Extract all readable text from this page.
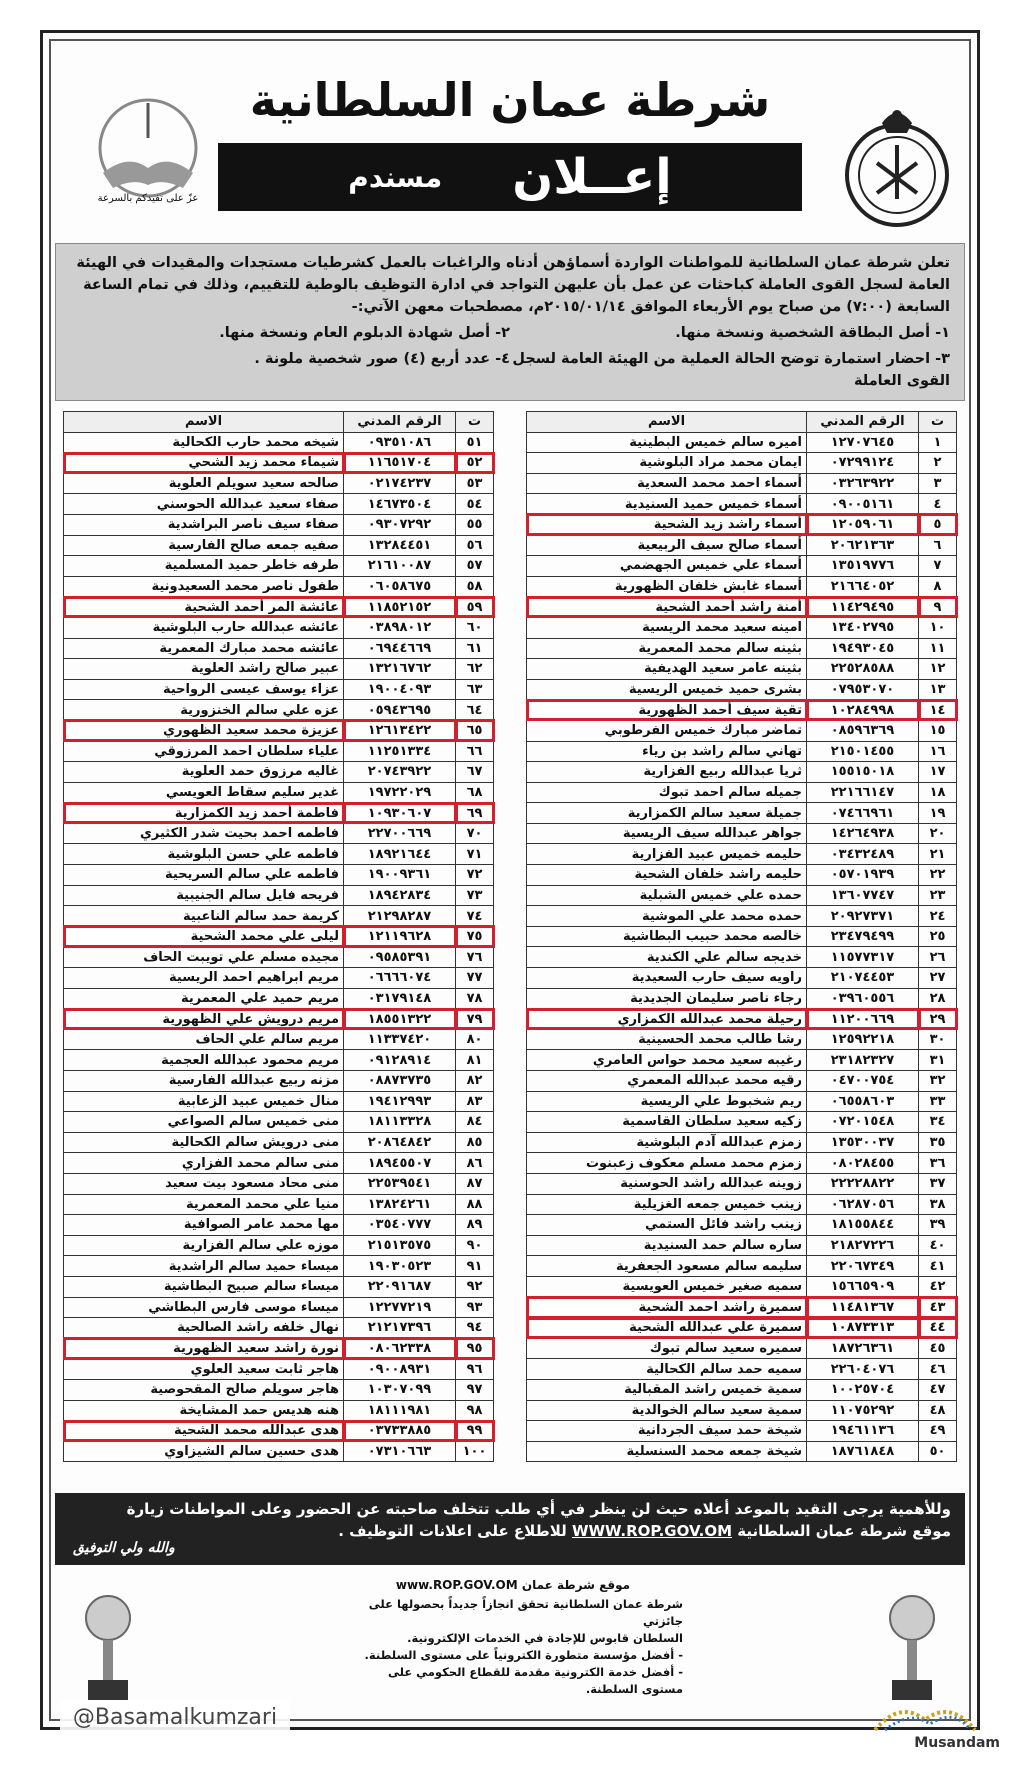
شرطة عمان السلطانية
إعــلان
مسندم
عزّ على تفيدكم بالسرعة

تعلن شرطة عمان السلطانية للمواطنات الواردة أسماؤهن أدناه والراغبات بالعمل كشرطيات مستجدات والمقيدات في الهيئة العامة لسجل القوى العاملة كباحثات عن عمل بأن عليهن التواجد في ادارة التوظيف بالوطية للتقييم، وذلك في تمام الساعة السابعة (٧:٠٠) من صباح يوم الأربعاء الموافق ٢٠١٥/٠١/١٤م، مصطحبات معهن الآتي:-

١- أصل البطاقة الشخصية ونسخة منها.
٢- أصل شهادة الدبلوم العام ونسخة منها.
٣- احضار استمارة توضح الحالة العملية من الهيئة العامة لسجل القوى العاملة
٤- عدد أربع (٤) صور شخصية ملونة .
ت	الرقم المدني	الاسم
١	١٢٧٠٧٦٤٥	اميره سالم خميس البطينية
٢	٠٧٢٩٩١٢٤	ايمان محمد مراد البلوشية
٣	٠٣٢٦٣٩٢٢	أسماء احمد محمد السعدية
٤	٠٩٠٠٥١٦١	أسماء خميس حميد السنيدية
٥	١٢٠٥٩٠٦١	أسماء راشد زيد الشحية
٦	٢٠٦٢١٣٦٣	أسماء صالح سيف الربيعية
٧	١٣٥١٩٧٧٦	أسماء علي خميس الجهضمي
٨	٢١٦٦٤٠٥٢	أسماء غابش خلفان الظهورية
٩	١١٤٢٩٤٩٥	أمنة راشد أحمد الشحية
١٠	١٣٤٠٢٧٩٥	امينه سعيد محمد الريسية
١١	١٩٤٩٣٠٤٥	بثينه سالم محمد المعمرية
١٢	٢٢٥٢٨٥٨٨	بثينه عامر سعيد الهديفية
١٣	٠٧٩٥٣٠٧٠	بشرى حميد خميس الريسية
١٤	١٠٢٨٤٩٩٨	تقية سيف أحمد الظهورية
١٥	٠٨٥٩٦٣٦٩	تماضر مبارك خميس الفرطوبي
١٦	٢١٥٠١٤٥٥	تهاني سالم راشد بن رياء
١٧	١٥٥١٥٠١٨	ثريا عبدالله ربيع الفزارية
١٨	٢٢١٦٦١٤٧	جميله سالم احمد تبوك
١٩	٠٧٤٦٦٩٦١	جميلة سعيد سالم الكمزارية
٢٠	١٤٢٦٤٩٣٨	جواهر عبدالله سيف الريسية
٢١	٠٣٤٣٢٤٨٩	حليمه خميس عبيد الفزارية
٢٢	٠٥٧٠١٩٣٩	حليمه راشد خلفان الشحية
٢٣	١٣٦٠٧٧٤٧	حمده علي خميس الشبلية
٢٤	٢٠٩٢٧٣٧١	حمده محمد علي الموشية
٢٥	٢٣٤٧٩٤٩٩	خالصه محمد حبيب البطاشية
٢٦	١١٥٧٧٣١٧	خديجه سالم علي الكندية
٢٧	٢١٠٧٤٤٥٣	راويه سيف حارب السعيدية
٢٨	٠٣٩٦٠٥٥٦	رجاء ناصر سليمان الجديدية
٢٩	١١٢٠٠٦٦٩	رحيلة محمد عبدالله الكمزاري
٣٠	١٢٥٩٢٢١٨	رشا طالب محمد الحسينية
٣١	٢٣١٨٢٣٢٧	رغيبه سعيد محمد حواس العامري
٣٢	٠٤٧٠٠٧٥٤	رقيه محمد عبدالله المعمري
٣٣	٠٦٥٥٨٦٠٣	ريم شخبوط علي الريسية
٣٤	٠٧٢٠١٥٤٨	زكيه سعيد سلطان القاسمية
٣٥	١٣٥٣٠٠٣٧	زمزم عبدالله آدم البلوشية
٣٦	٠٨٠٢٨٤٥٥	زمزم محمد مسلم معكوف زعبنوت
٣٧	٢٢٢٢٨٨٢٢	زوينه عبدالله راشد الحوسنية
٣٨	٠٦٢٨٧٠٥٦	زينب خميس جمعه الغزيلية
٣٩	١٨١٥٥٨٤٤	زينب راشد فائل الستمي
٤٠	٢١٨٢٧٢٢٦	ساره سالم حمد السنيدية
٤١	٢٢٠٦٧٣٤٩	سليمه سالم مسعود الجعفرية
٤٢	١٥٦٦٥٩٠٩	سميه صغير خميس العويسية
٤٣	١١٤٨١٣٦٧	سميرة راشد احمد الشحية
٤٤	١٠٨٧٣٣١٣	سميرة علي عبدالله الشحية
٤٥	١٨٧٢٦٣٦١	سميره سعيد سالم تبوك
٤٦	٢٢٦٠٤٠٧٦	سميه حمد سالم الكحالية
٤٧	١٠٠٢٥٧٠٤	سمية خميس راشد المقبالية
٤٨	١١٠٧٥٢٩٢	سمية سعيد سالم الخوالدية
٤٩	١٩٤٦١١٣٦	شيخة حمد سيف الجردانية
٥٠	١٨٧٦١٨٤٨	شيخة جمعه محمد السنسلية
ت	الرقم المدني	الاسم
٥١	٠٩٣٥١٠٨٦	شيخه محمد حارب الكحالية
٥٢	١١٦٥١٧٠٤	شيماء محمد زيد الشحي
٥٣	٠٢١٧٤٢٣٧	صالحه سعيد سويلم العلوية
٥٤	١٤٦٧٣٥٠٤	صفاء سعيد عبدالله الحوسني
٥٥	٠٩٣٠٧٢٩٢	صفاء سيف ناصر البراشدية
٥٦	١٣٢٨٤٤٥١	صفيه جمعه صالح الفارسية
٥٧	٢١٦١٠٠٨٧	طرفه خاطر حميد المسلمية
٥٨	٠٦٠٥٨٦٧٥	طفول ناصر محمد السعيدونية
٥٩	١١٨٥٢١٥٢	عائشة المر أحمد الشحية
٦٠	٠٣٨٩٨٠١٢	عائشه عبدالله حارب البلوشية
٦١	٠٦٩٤٤٦٦٩	عائشه محمد مبارك المعمرية
٦٢	١٣٢١٦٧٦٢	عبير صالح راشد العلوية
٦٣	١٩٠٠٤٠٩٣	عزاء يوسف عيسى الرواحية
٦٤	٠٥٩٤٣٦٩٥	عزه علي سالم الخنزورية
٦٥	١٢٦١٣٤٢٢	عزيزة محمد سعيد الظهوري
٦٦	١١٢٥١٣٣٤	علياء سلطان احمد المرزوقي
٦٧	٢٠٧٤٣٩٢٢	غاليه مرزوق حمد العلوية
٦٨	١٩٧٢٢٠٢٩	غدير سليم سقاط العويسي
٦٩	١٠٩٣٠٦٠٧	فاطمة أحمد زيد الكمزارية
٧٠	٢٢٧٠٠٦٦٩	فاطمه احمد بحيت شدر الكثيري
٧١	١٨٩٢١٦٤٤	فاطمه علي حسن البلوشية
٧٢	١٩٠٠٩٣٦١	فاطمه علي سالم السريحية
٧٣	١٨٩٤٢٨٣٤	فريحه فايل سالم الجنيبية
٧٤	٢١٢٩٨٢٨٧	كريمة حمد سالم الناعبية
٧٥	١٢١١٩٦٢٨	ليلى علي محمد الشحية
٧٦	٠٩٥٨٥٣٩١	مجيده مسلم علي تويبت الحاف
٧٧	٠٦٦٦٦٠٧٤	مريم ابراهيم احمد الريسية
٧٨	٠٣١٧٩١٤٨	مريم حميد علي المعمرية
٧٩	١٨٥٥١٣٢٢	مريم درويش علي الظهورية
٨٠	١١٣٣٧٤٢٠	مريم سالم علي الحاف
٨١	٠٩١٢٨٩١٤	مريم محمود عبدالله العجمية
٨٢	٠٨٨٧٣٧٣٥	مزنه ربيع عبدالله الفارسية
٨٣	١٩٤١٢٩٩٣	منال خميس عبيد الزعابية
٨٤	١٨١١٣٣٢٨	منى خميس سالم الصواعي
٨٥	٢٠٨٦٤٨٤٢	منى درويش سالم الكحالية
٨٦	١٨٩٤٥٥٠٧	منى سالم محمد الفزاري
٨٧	٢٢٥٣٩٥٤١	منى محاد مسعود بيت سعيد
٨٨	١٣٨٢٤٢٦١	منيا علي محمد المعمرية
٨٩	٠٣٥٤٠٧٧٧	مها محمد عامر الصوافية
٩٠	٢١٥١٣٥٧٥	موزه علي سالم الفزارية
٩١	١٩٠٣٠٥٢٣	ميساء حميد سالم الراشدية
٩٢	٢٢٠٩١٦٨٧	ميساء سالم صبيح البطاشية
٩٣	١٢٢٧٧٢١٩	ميساء موسى فارس البطاشي
٩٤	٢١٢١٧٣٩٦	نهال خلفه راشد الصالحية
٩٥	٠٨٠٦٢٣٣٨	نورة راشد سعيد الظهورية
٩٦	٠٩٠٠٨٩٣١	هاجر ثابت سعيد العلوي
٩٧	١٠٣٠٧٠٩٩	هاجر سويلم صالح المقحوصية
٩٨	١٨١١١٩٨١	هنه هديس حمد المشايخة
٩٩	٠٣٧٣٣٨٨٥	هدى عبدالله محمد الشحية
١٠٠	٠٧٣١٠٦٦٣	هدى حسين سالم الشيزاوي
وللأهمية يرجى التقيد بالموعد أعلاه حيث لن ينظر في أي طلب تتخلف صاحبته عن الحضور وعلى المواطنات زيارة
موقع شرطة عمان السلطانية WWW.ROP.GOV.OM للاطلاع على اعلانات التوظيف .
والله ولي التوفيق
www.ROP.GOV.OM موقع شرطة عمان
شرطة عمان السلطانية تحقق انجازاً جديداً بحصولها على جائزتي
السلطان قابوس للإجادة في الخدمات الإلكترونية.
- أفضل مؤسسة متطورة الكترونياً على مستوى السلطنة.
- أفضل خدمة الكترونية مقدمة للقطاع الحكومي على مستوى السلطنة.
@Basamalkumzari
Musandam
